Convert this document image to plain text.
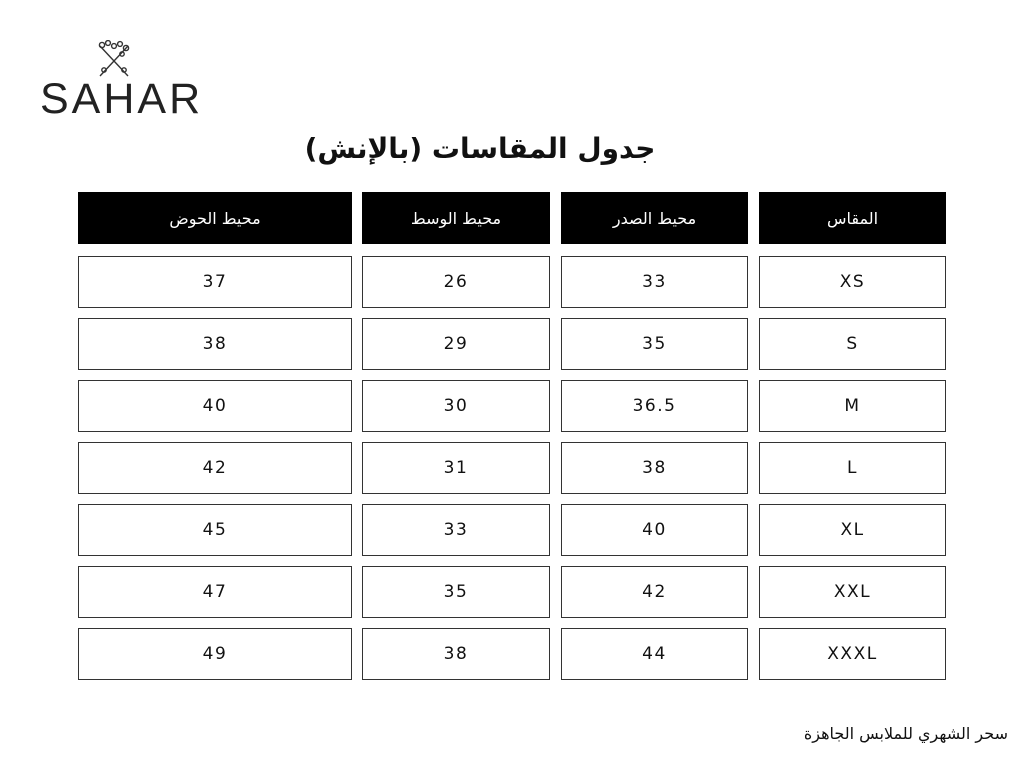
SAHAR
جدول المقاسات (بالإنش)
محيط الحوض	محيط الوسط	محيط الصدر	المقاس
37	26	33	XS
38	29	35	S
40	30	36.5	M
42	31	38	L
45	33	40	XL
47	35	42	XXL
49	38	44	XXXL
سحر الشهري للملابس الجاهزة
